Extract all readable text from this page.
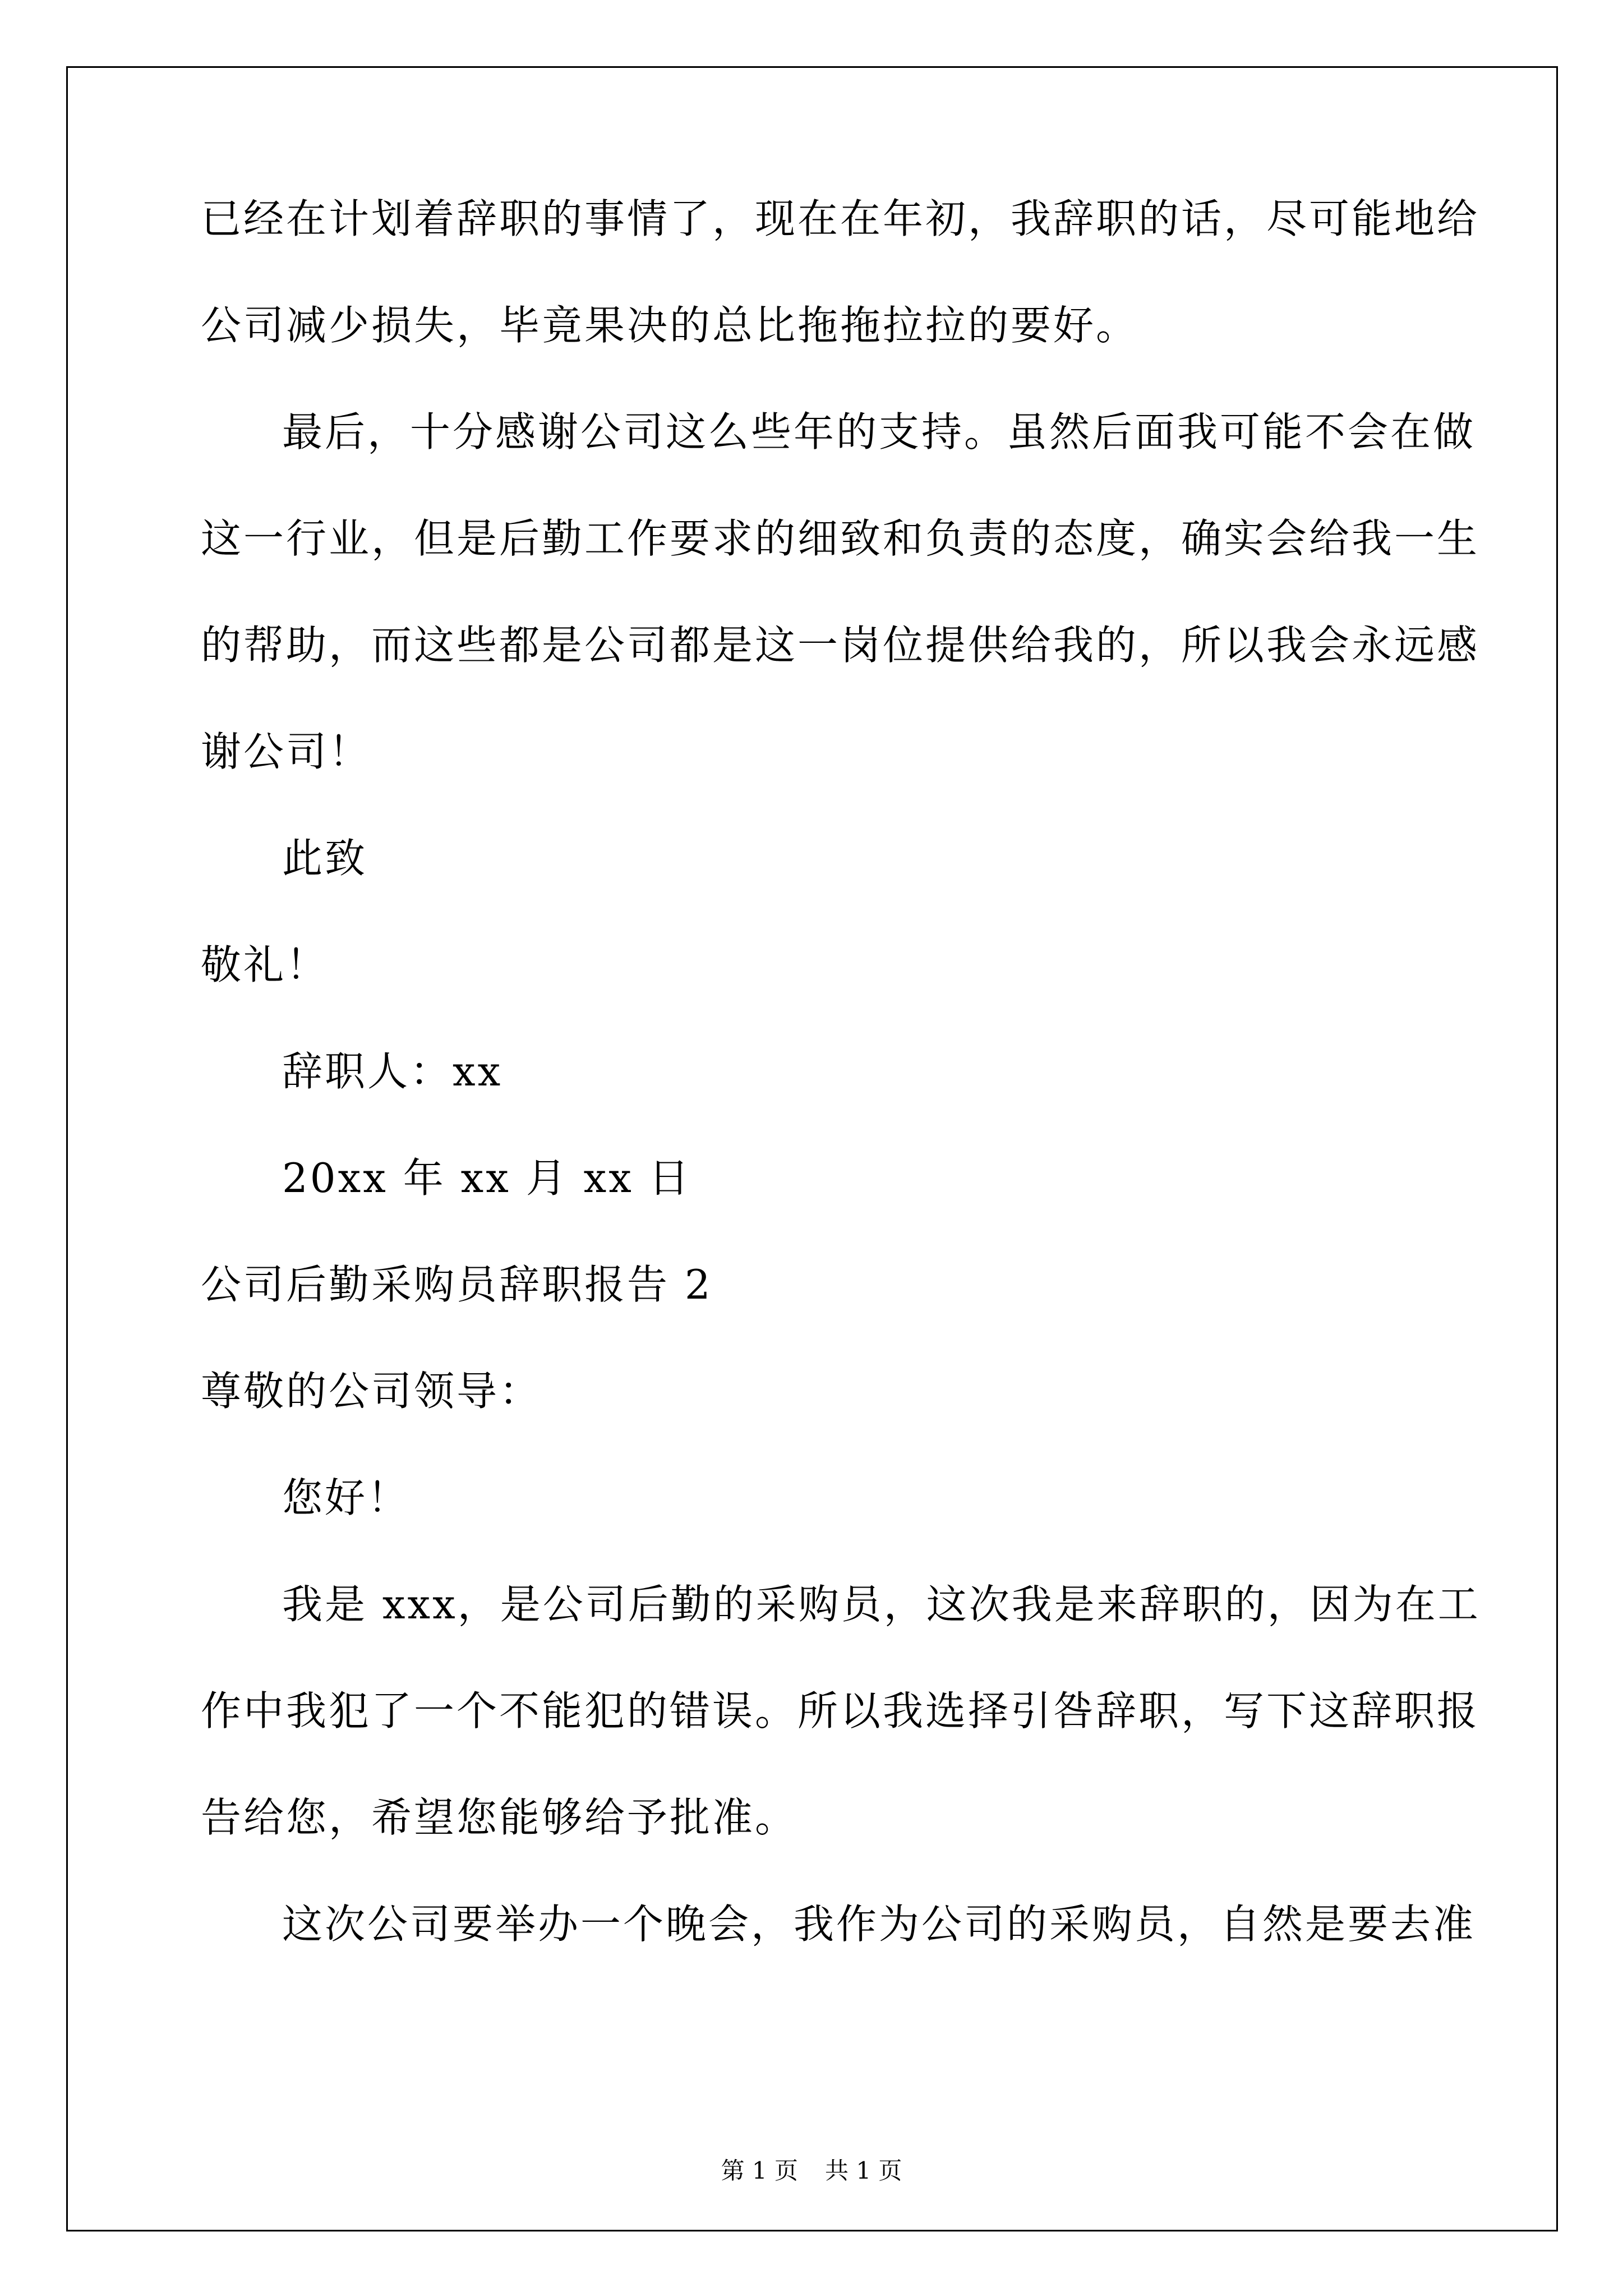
已经在计划着辞职的事情了，现在在年初，我辞职的话，尽可能地给
公司减少损失，毕竟果决的总比拖拖拉拉的要好。
最后，十分感谢公司这么些年的支持。虽然后面我可能不会在做
这一行业，但是后勤工作要求的细致和负责的态度，确实会给我一生
的帮助，而这些都是公司都是这一岗位提供给我的，所以我会永远感
谢公司！
此致
敬礼！
辞职人：xx
20xx 年 xx 月 xx 日
公司后勤采购员辞职报告 2
尊敬的公司领导：
您好！
我是 xxx，是公司后勤的采购员，这次我是来辞职的，因为在工
作中我犯了一个不能犯的错误。所以我选择引咎辞职，写下这辞职报
告给您，希望您能够给予批准。
这次公司要举办一个晚会，我作为公司的采购员，自然是要去准
第 1 页 共 1 页
